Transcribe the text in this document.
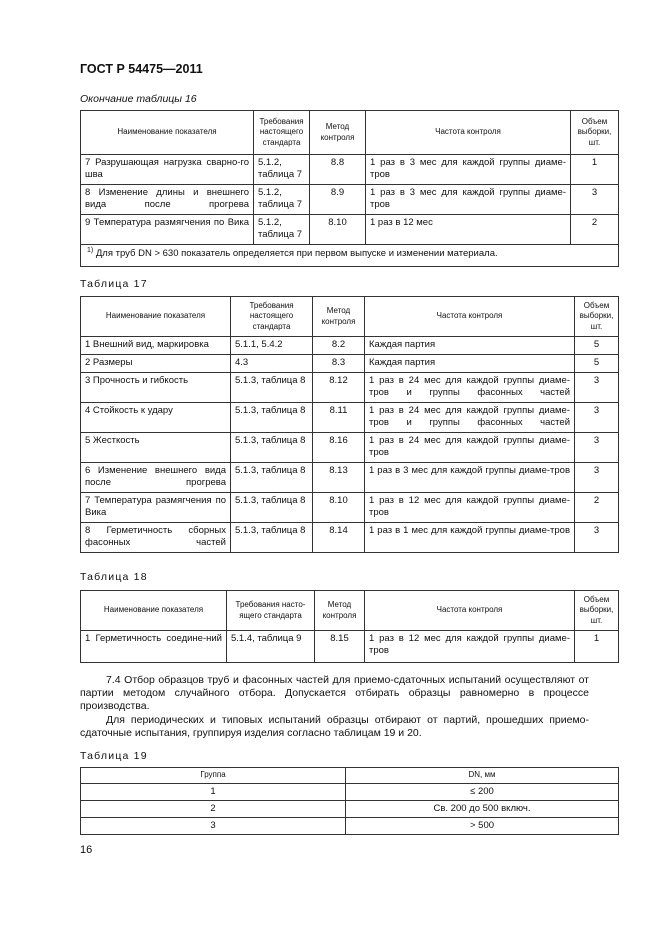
ГОСТ Р 54475—2011
Окончание таблицы 16
Наименование показателя	Требования настоящего стандарта	Метод контроля	Частота контроля	Объем выборки, шт.
7 Разрушающая нагрузка сварно-го шва	5.1.2, таблица 7	8.8	1 раз в 3 мес для каждой группы диаме-тров	1
8 Изменение длины и внешнего вида после прогрева	5.1.2, таблица 7	8.9	1 раз в 3 мес для каждой группы диаме-тров	3
9 Температура размягчения по Вика	5.1.2, таблица 7	8.10	1 раз в 12 мес	2
$^{1)}$ Для труб DN > 630 показатель определяется при первом выпуске и изменении материала.				
Таблица 17
Наименование показателя	Требования настоящего стандарта	Метод контроля	Частота контроля	Объем выборки, шт.
1 Внешний вид, маркировка	5.1.1, 5.4.2	8.2	Каждая партия	5
2 Размеры	4.3	8.3	Каждая партия	5
3 Прочность и гибкость	5.1.3, таблица 8	8.12	1 раз в 24 мес для каждой группы диаме-тров и группы фасонных частей	3
4 Стойкость к удару	5.1.3, таблица 8	8.11	1 раз в 24 мес для каждой группы диаме-тров и группы фасонных частей	3
5 Жесткость	5.1.3, таблица 8	8.16	1 раз в 24 мес для каждой группы диаме-тров	3
6 Изменение внешнего вида после прогрева	5.1.3, таблица 8	8.13	1 раз в 3 мес для каждой группы диаме-тров	3
7 Температура размягчения по Вика	5.1.3, таблица 8	8.10	1 раз в 12 мес для каждой группы диаме-тров	2
8 Герметичность сборных фасонных частей	5.1.3, таблица 8	8.14	1 раз в 1 мес для каждой группы диаме-тров	3
Таблица 18
Наименование показателя	Требования насто-ящего стандарта	Метод контроля	Частота контроля	Объем выборки, шт.
1 Герметичность соедине-ний	5.1.4, таблица 9	8.15	1 раз в 12 мес для каждой группы диаме-тров	1

7.4 Отбор образцов труб и фасонных частей для приемо-сдаточных испытаний осуществляют от партии методом случайного отбора. Допускается отбирать образцы равномерно в процессе производства.

Для периодических и типовых испытаний образцы отбирают от партий, прошедших приемо-сдаточные испытания, группируя изделия согласно таблицам 19 и 20.

Таблица 19
Группа	DN, мм
1	≤ 200
2	Св. 200 до 500 включ.
3	> 500
16
